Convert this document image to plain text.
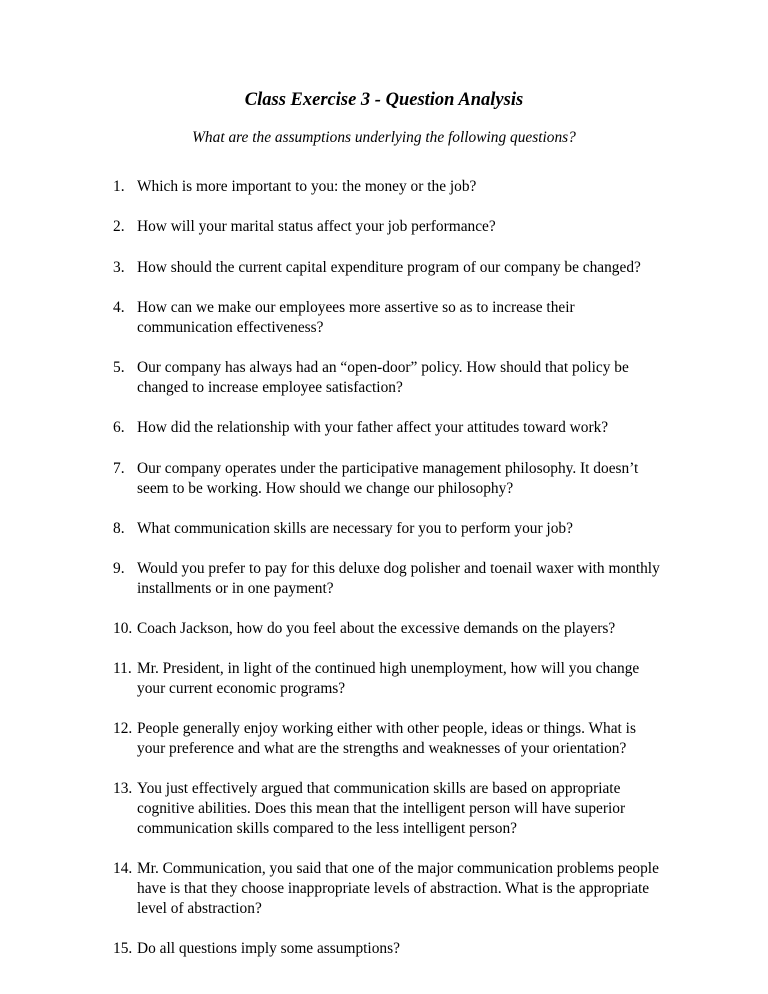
Class Exercise 3 - Question Analysis
What are the assumptions underlying the following questions?
1. Which is more important to you: the money or the job?
2. How will your marital status affect your job performance?
3. How should the current capital expenditure program of our company be changed?
4. How can we make our employees more assertive so as to increase their
communication effectiveness?
5. Our company has always had an “open-door” policy. How should that policy be
changed to increase employee satisfaction?
6. How did the relationship with your father affect your attitudes toward work?
7. Our company operates under the participative management philosophy. It doesn’t
seem to be working. How should we change our philosophy?
8. What communication skills are necessary for you to perform your job?
9. Would you prefer to pay for this deluxe dog polisher and toenail waxer with monthly
installments or in one payment?
10. Coach Jackson, how do you feel about the excessive demands on the players?
11. Mr. President, in light of the continued high unemployment, how will you change
your current economic programs?
12. People generally enjoy working either with other people, ideas or things. What is
your preference and what are the strengths and weaknesses of your orientation?
13. You just effectively argued that communication skills are based on appropriate
cognitive abilities. Does this mean that the intelligent person will have superior
communication skills compared to the less intelligent person?
14. Mr. Communication, you said that one of the major communication problems people
have is that they choose inappropriate levels of abstraction. What is the appropriate
level of abstraction?
15. Do all questions imply some assumptions?
